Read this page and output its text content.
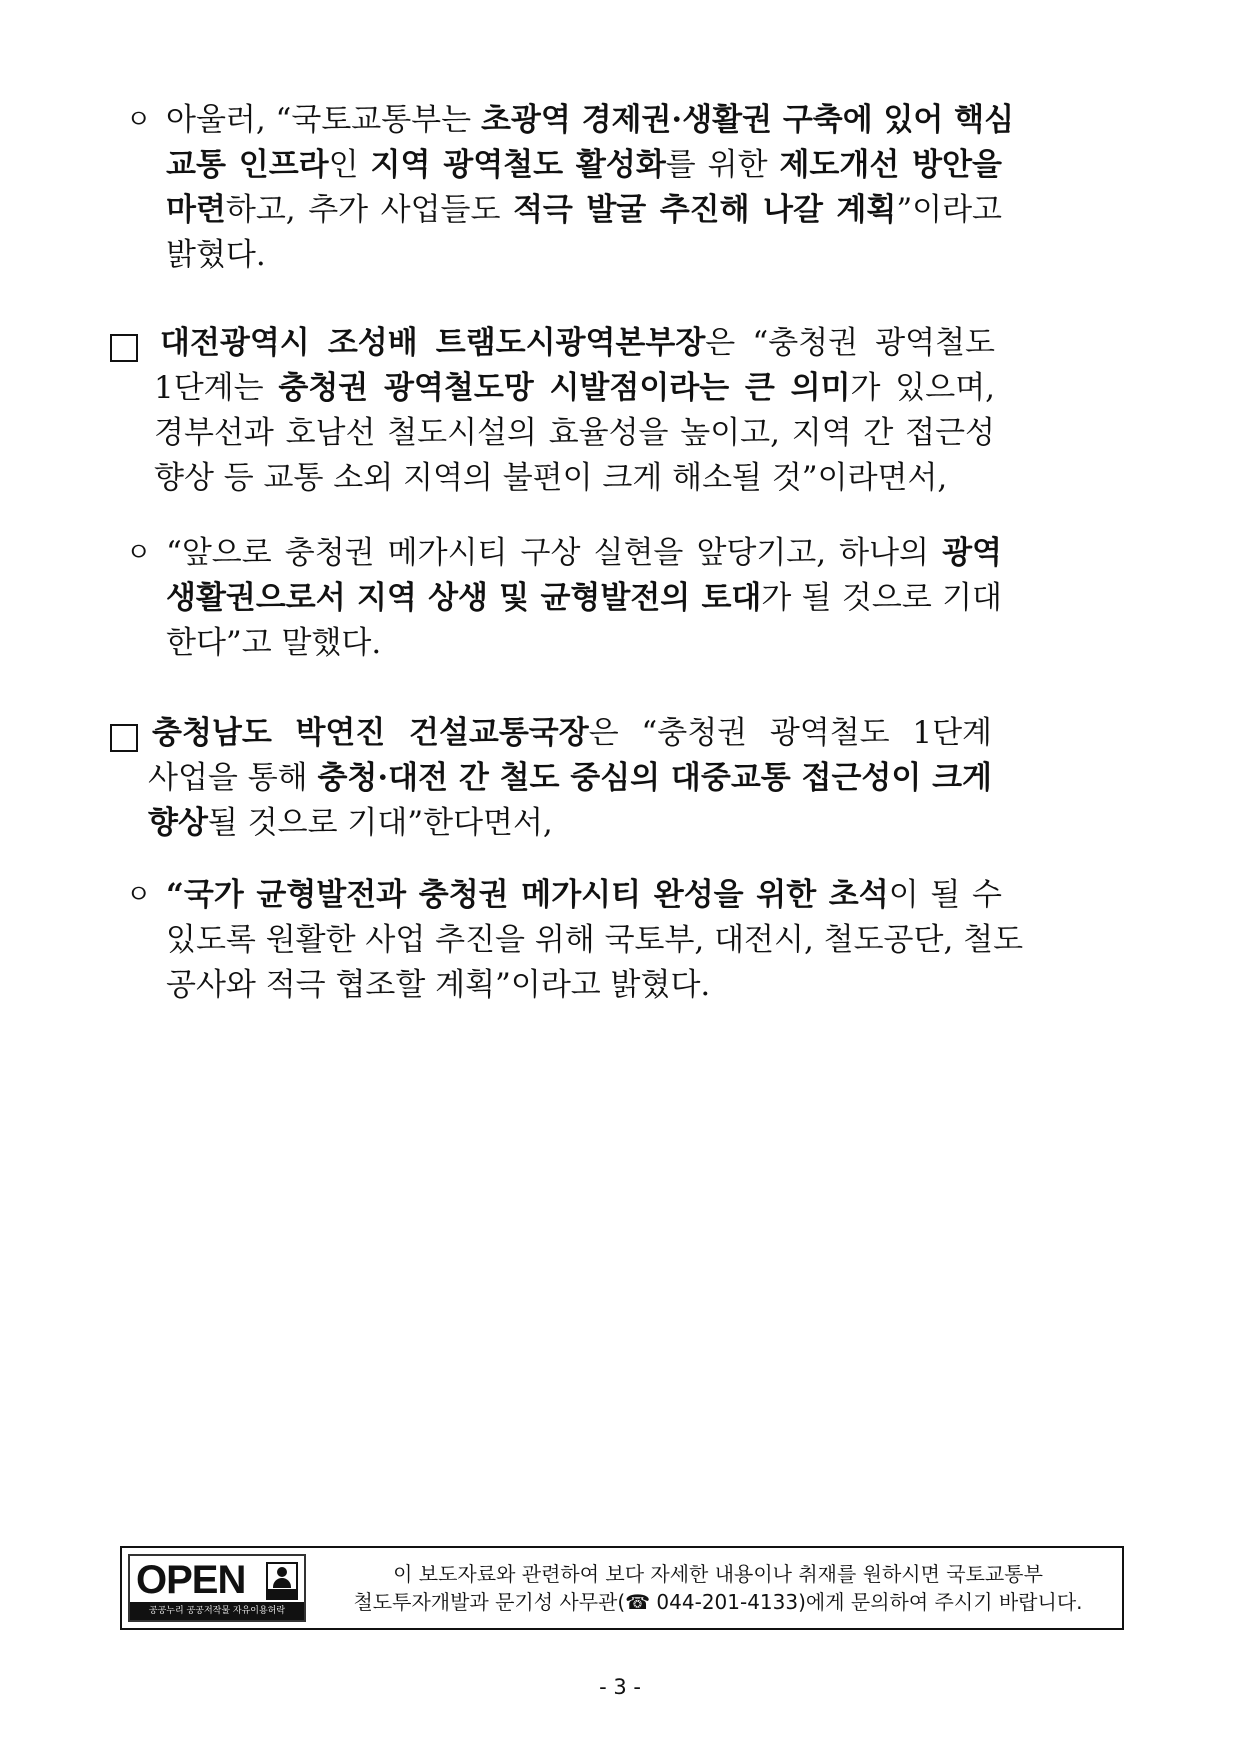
ㅇ 아울러, “국토교통부는 초광역 경제권·생활권 구축에 있어 핵심
교통 인프라인 지역 광역철도 활성화를 위한 제도개선 방안을
마련하고, 추가 사업들도 적극 발굴 추진해 나갈 계획”이라고
밝혔다.
대전광역시 조성배 트램도시광역본부장은 “충청권 광역철도
1단계는 충청권 광역철도망 시발점이라는 큰 의미가 있으며,
경부선과 호남선 철도시설의 효율성을 높이고, 지역 간 접근성
향상 등 교통 소외 지역의 불편이 크게 해소될 것”이라면서,
ㅇ “앞으로 충청권 메가시티 구상 실현을 앞당기고, 하나의 광역
생활권으로서 지역 상생 및 균형발전의 토대가 될 것으로 기대
한다”고 말했다.
충청남도 박연진 건설교통국장은 “충청권 광역철도 1단계
사업을 통해 충청·대전 간 철도 중심의 대중교통 접근성이 크게
향상될 것으로 기대”한다면서,
ㅇ “국가 균형발전과 충청권 메가시티 완성을 위한 초석이 될 수
있도록 원활한 사업 추진을 위해 국토부, 대전시, 철도공단, 철도
공사와 적극 협조할 계획”이라고 밝혔다.
OPEN
공공누리 공공저작물 자유이용허락
이 보도자료와 관련하여 보다 자세한 내용이나 취재를 원하시면 국토교통부
철도투자개발과 문기성 사무관(☎ 044-201-4133)에게 문의하여 주시기 바랍니다.
- 3 -
